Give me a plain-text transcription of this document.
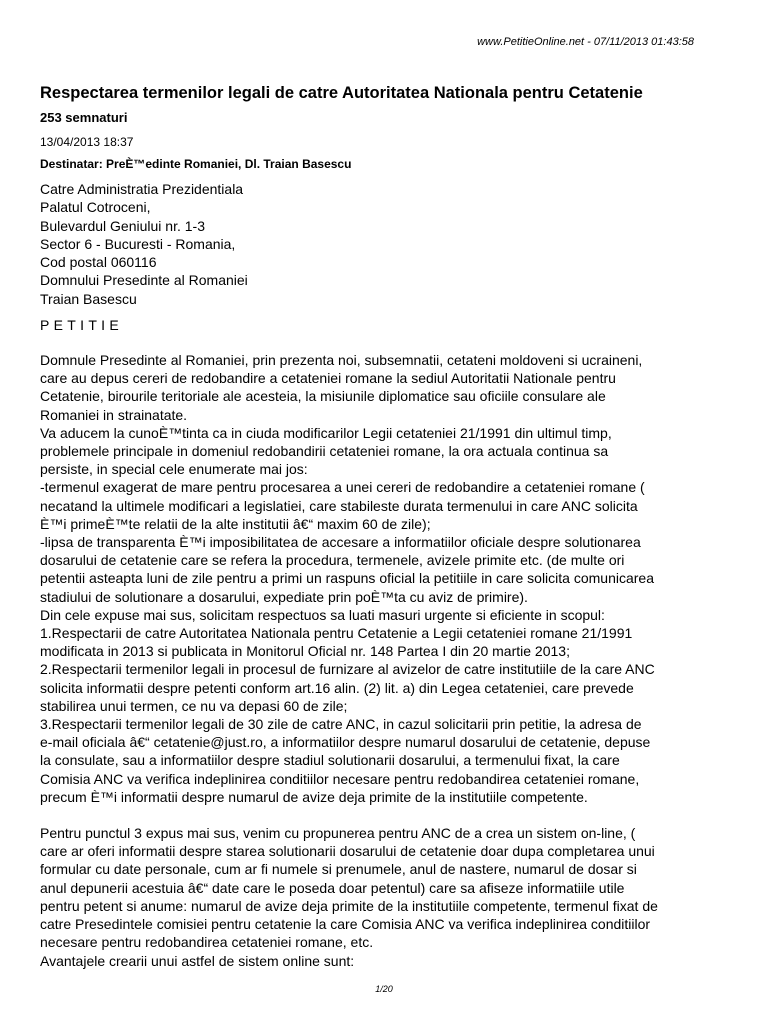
www.PetitieOnline.net - 07/11/2013 01:43:58
Respectarea termenilor legali de catre Autoritatea Nationala pentru Cetatenie
253 semnaturi
13/04/2013 18:37
Destinatar: PreÈ™edinte Romaniei, Dl. Traian Basescu
Catre Administratia Prezidentiala
Palatul Cotroceni,
Bulevardul Geniului nr. 1-3
Sector 6 - Bucuresti - Romania,
Cod postal 060116
Domnului Presedinte al Romaniei
Traian Basescu
PETITIE
Domnule Presedinte al Romaniei, prin prezenta noi, subsemnatii, cetateni moldoveni si ucraineni,
care au depus cereri de redobandire a cetateniei romane la sediul Autoritatii Nationale pentru
Cetatenie, birourile teritoriale ale acesteia, la misiunile diplomatice sau oficiile consulare ale
Romaniei in strainatate.
Va aducem la cunoÈ™tinta ca in ciuda modificarilor Legii cetateniei 21/1991 din ultimul timp,
problemele principale in domeniul redobandirii cetateniei romane, la ora actuala continua sa
persiste, in special cele enumerate mai jos:
-termenul exagerat de mare pentru procesarea a unei cereri de redobandire a cetateniei romane (
necatand la ultimele modificari a legislatiei, care stabileste durata termenului in care ANC solicita
È™i primeÈ™te relatii de la alte institutii â€“ maxim 60 de zile);
-lipsa de transparenta È™i imposibilitatea de accesare a informatiilor oficiale despre solutionarea
dosarului de cetatenie care se refera la procedura, termenele, avizele primite etc. (de multe ori
petentii asteapta luni de zile pentru a primi un raspuns oficial la petitiile in care solicita comunicarea
stadiului de solutionare a dosarului, expediate prin poÈ™ta cu aviz de primire).
Din cele expuse mai sus, solicitam respectuos sa luati masuri urgente si eficiente in scopul:
1.Respectarii de catre Autoritatea Nationala pentru Cetatenie a Legii cetateniei romane 21/1991
modificata in 2013 si publicata in Monitorul Oficial nr. 148 Partea I din 20 martie 2013;
2.Respectarii termenilor legali in procesul de furnizare al avizelor de catre institutiile de la care ANC
solicita informatii despre petenti conform art.16 alin. (2) lit. a) din Legea cetateniei, care prevede
stabilirea unui termen, ce nu va depasi 60 de zile;
3.Respectarii termenilor legali de 30 zile de catre ANC, in cazul solicitarii prin petitie, la adresa de
e-mail oficiala â€“ cetatenie@just.ro, a informatiilor despre numarul dosarului de cetatenie, depuse
la consulate, sau a informatiilor despre stadiul solutionarii dosarului, a termenului fixat, la care
Comisia ANC va verifica indeplinirea conditiilor necesare pentru redobandirea cetateniei romane,
precum È™i informatii despre numarul de avize deja primite de la institutiile competente.
Pentru punctul 3 expus mai sus, venim cu propunerea pentru ANC de a crea un sistem on-line, (
care ar oferi informatii despre starea solutionarii dosarului de cetatenie doar dupa completarea unui
formular cu date personale, cum ar fi numele si prenumele, anul de nastere, numarul de dosar si
anul depunerii acestuia â€“ date care le poseda doar petentul) care sa afiseze informatiile utile
pentru petent si anume: numarul de avize deja primite de la institutiile competente, termenul fixat de
catre Presedintele comisiei pentru cetatenie la care Comisia ANC va verifica indeplinirea conditiilor
necesare pentru redobandirea cetateniei romane, etc.
Avantajele crearii unui astfel de sistem online sunt:
1/20
